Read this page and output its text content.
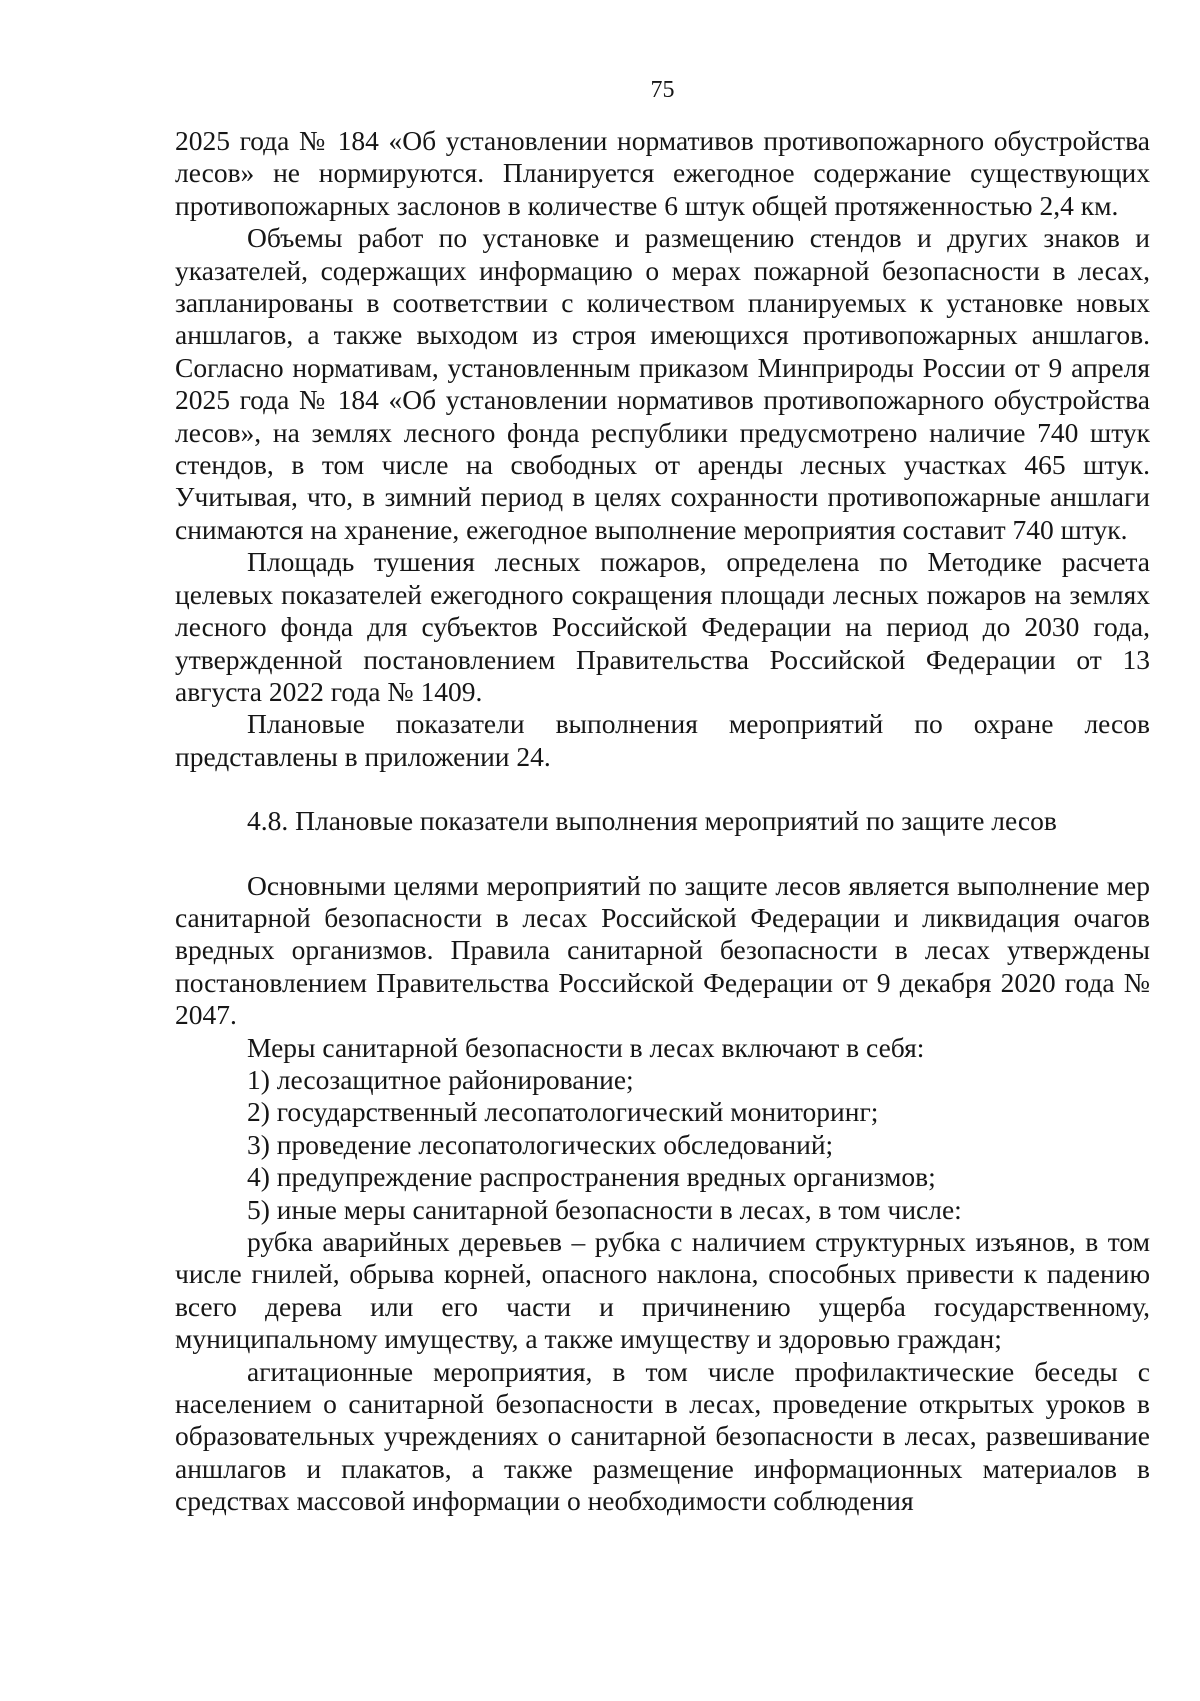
75

2025 года № 184 «Об установлении нормативов противопожарного обустройства лесов» не нормируются. Планируется ежегодное содержание существующих противопожарных заслонов в количестве 6 штук общей протяженностью 2,4 км.

Объемы работ по установке и размещению стендов и других знаков и указателей, содержащих информацию о мерах пожарной безопасности в лесах, запланированы в соответствии с количеством планируемых к установке новых аншлагов, а также выходом из строя имеющихся противопожарных аншлагов. Согласно нормативам, установленным приказом Минприроды России от 9 апреля 2025 года № 184 «Об установлении нормативов противопожарного обустройства лесов», на землях лесного фонда республики предусмотрено наличие 740 штук стендов, в том числе на свободных от аренды лесных участках 465 штук. Учитывая, что, в зимний период в целях сохранности противопожарные аншлаги снимаются на хранение, ежегодное выполнение мероприятия составит 740 штук.

Площадь тушения лесных пожаров, определена по Методике расчета целевых показателей ежегодного сокращения площади лесных пожаров на землях лесного фонда для субъектов Российской Федерации на период до 2030 года, утвержденной постановлением Правительства Российской Федерации от 13 августа 2022 года № 1409.

Плановые показатели выполнения мероприятий по охране лесов представлены в приложении 24.

4.8. Плановые показатели выполнения мероприятий по защите лесов

Основными целями мероприятий по защите лесов является выполнение мер санитарной безопасности в лесах Российской Федерации и ликвидация очагов вредных организмов. Правила санитарной безопасности в лесах утверждены постановлением Правительства Российской Федерации от 9 декабря 2020 года № 2047.

Меры санитарной безопасности в лесах включают в себя:

1) лесозащитное районирование;

2) государственный лесопатологический мониторинг;

3) проведение лесопатологических обследований;

4) предупреждение распространения вредных организмов;

5) иные меры санитарной безопасности в лесах, в том числе:

рубка аварийных деревьев – рубка с наличием структурных изъянов, в том числе гнилей, обрыва корней, опасного наклона, способных привести к падению всего дерева или его части и причинению ущерба государственному, муниципальному имуществу, а также имуществу и здоровью граждан;

агитационные мероприятия, в том числе профилактические беседы с населением о санитарной безопасности в лесах, проведение открытых уроков в образовательных учреждениях о санитарной безопасности в лесах, развешивание аншлагов и плакатов, а также размещение информационных материалов в средствах массовой информации о необходимости соблюдения
